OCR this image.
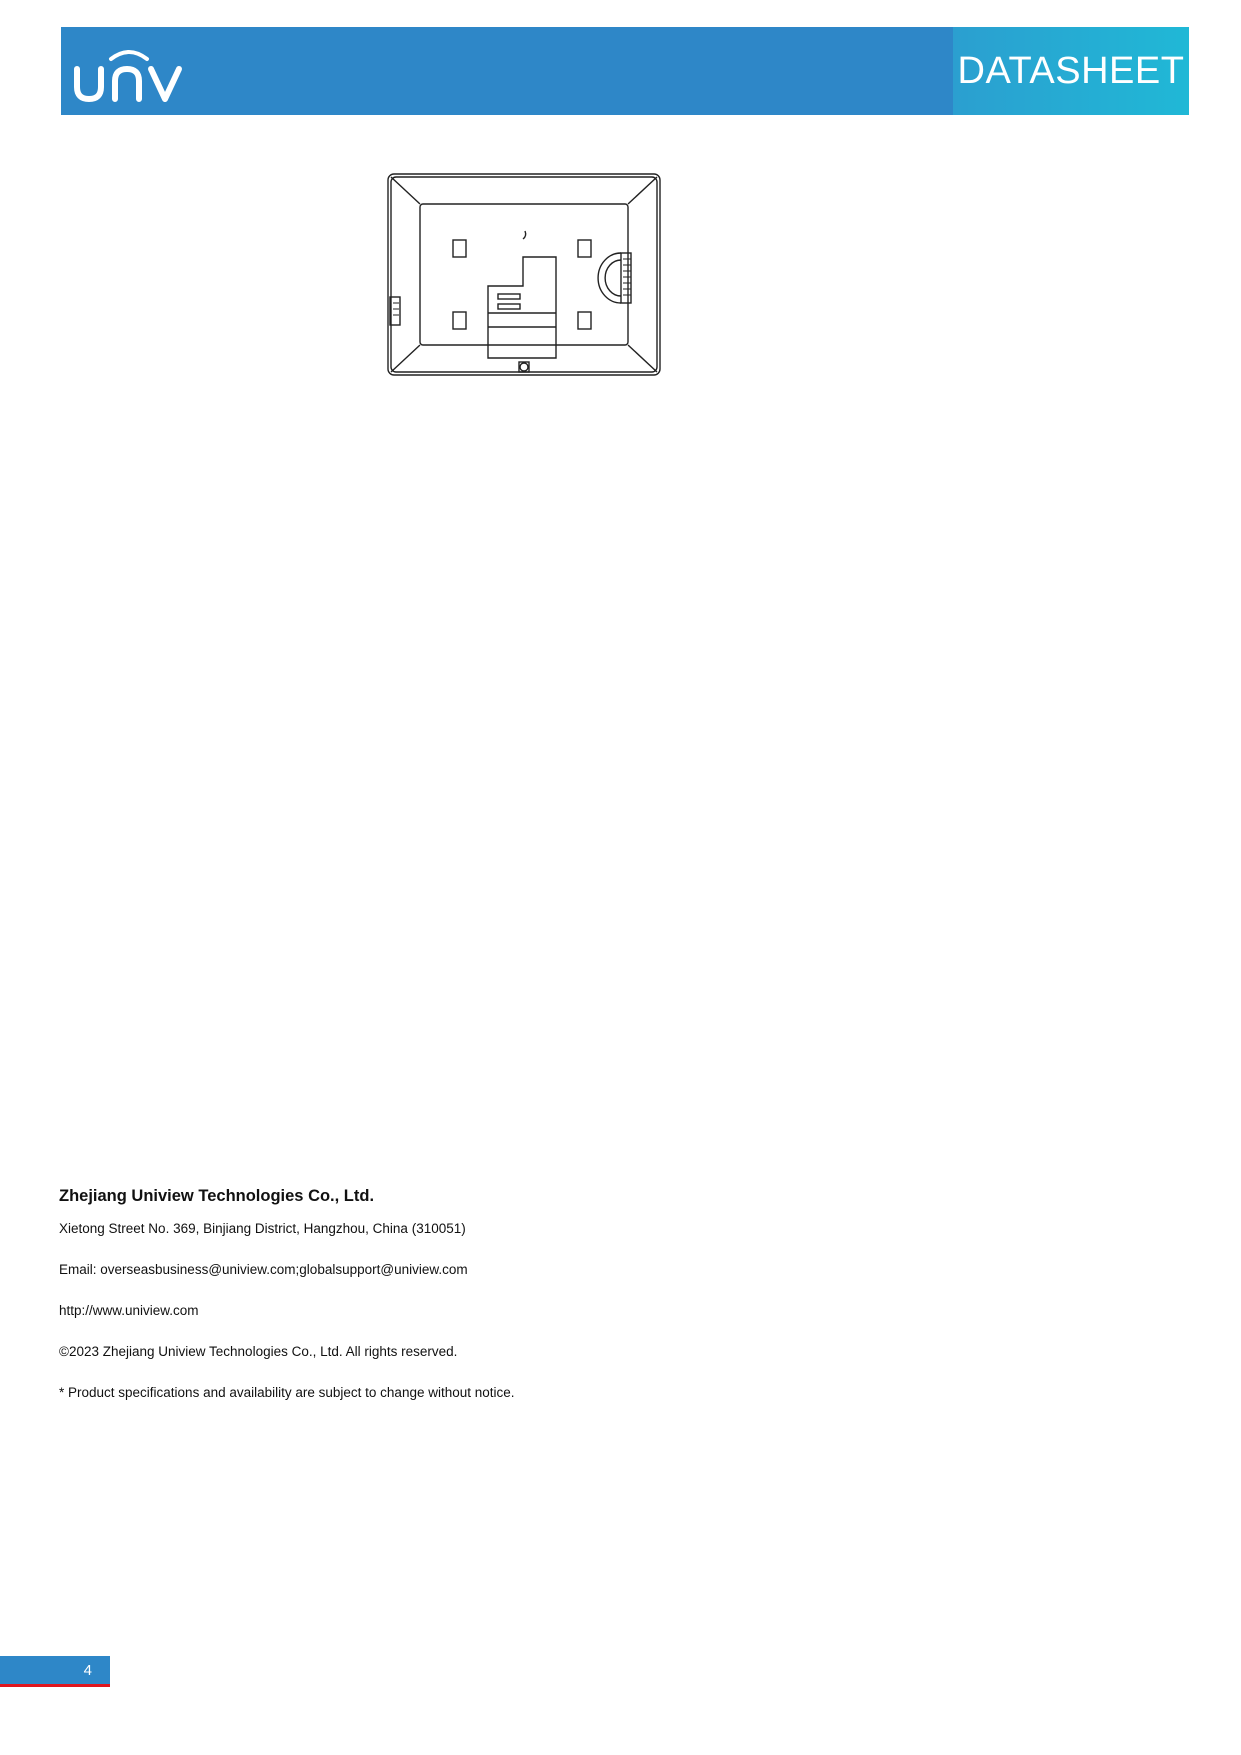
DATASHEET
Zhejiang Uniview Technologies Co., Ltd.
Xietong Street No. 369, Binjiang District, Hangzhou, China (310051)
Email: overseasbusiness@uniview.com;globalsupport@uniview.com
http://www.uniview.com
©2023 Zhejiang Uniview Technologies Co., Ltd. All rights reserved.
* Product specifications and availability are subject to change without notice.
4
